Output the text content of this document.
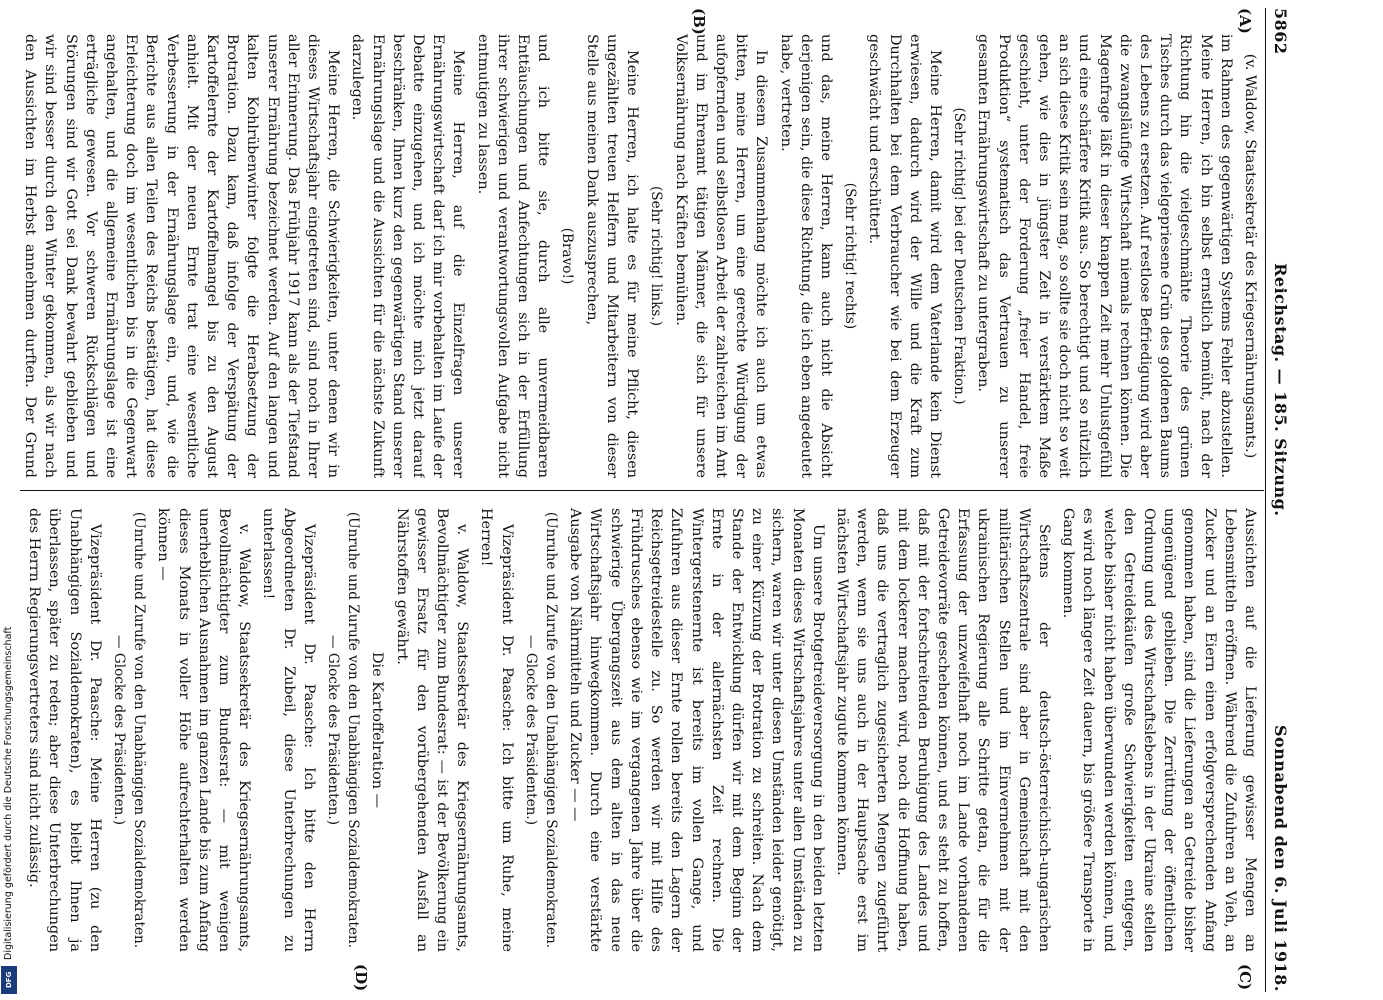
5862
Reichstag. — 185. Sitzung.
Sonnabend den 6. Juli 1918.
(A)
(B)
(C)
(D)

(v. Waldow, Staatssekretär des Kriegsernährungsamts.)

im Rahmen des gegenwärtigen Systems Fehler abzustellen. Meine Herren, ich bin selbst ernstlich bemüht, nach der Richtung hin die vielgeschmähte Theorie des grünen Tisches durch das vielgepriesene Grün des goldenen Baums des Lebens zu ersetzen. Auf restlose Befriedigung wird aber die zwangsläufige Wirtschaft niemals rechnen können. Die Magenfrage läßt in dieser knappen Zeit mehr Unlustgefühl und eine schärfere Kritik aus. So berechtigt und so nützlich an sich diese Kritik sein mag, so sollte sie doch nicht so weit gehen, wie dies in jüngster Zeit in verstärktem Maße geschieht, unter der Forderung „freier Handel, freie Produktion“ systematisch das Vertrauen zu unserer gesamten Ernährungswirtschaft zu untergraben.

(Sehr richtig! bei der Deutschen Fraktion.)

Meine Herren, damit wird dem Vaterlande kein Dienst erwiesen, dadurch wird der Wille und die Kraft zum Durchhalten bei dem Verbraucher wie bei dem Erzeuger geschwächt und erschüttert.

(Sehr richtig! rechts)

und das, meine Herren, kann auch nicht die Absicht derjenigen sein, die diese Richtung, die ich eben angedeutet habe, vertreten.

In diesem Zusammenhang möchte ich auch um etwas bitten, meine Herren, um eine gerechte Würdigung der aufopfernden und selbstlosen Arbeit der zahlreichen im Amt und im Ehrenamt tätigen Männer, die sich für unsere Volksernährung nach Kräften bemühen.

(Sehr richtig! links.)

Meine Herren, ich halte es für meine Pflicht, diesen ungezählten treuen Helfern und Mitarbeitern von dieser Stelle aus meinen Dank auszusprechen,

(Bravo!)

und ich bitte sie, durch alle unvermeidbaren Enttäuschungen und Anfechtungen sich in der Erfüllung ihrer schwierigen und verantwortungsvollen Aufgabe nicht entmutigen zu lassen.

Meine Herren, auf die Einzelfragen unserer Ernährungswirtschaft darf ich mir vorbehalten im Laufe der Debatte einzugehen, und ich möchte mich jetzt darauf beschränken, Ihnen kurz den gegenwärtigen Stand unserer Ernährungslage und die Aussichten für die nächste Zukunft darzulegen.

Meine Herren, die Schwierigkeiten, unter denen wir in dieses Wirtschaftsjahr eingetreten sind, sind noch in Ihrer aller Erinnerung. Das Frühjahr 1917 kann als der Tiefstand unserer Ernährung bezeichnet werden. Auf den langen und kalten Kohlrübenwinter folgte die Herabsetzung der Brotration. Dazu kam, daß infolge der Verspätung der Kartoffelernte der Kartoffelmangel bis zu den August anhielt. Mit der neuen Ernte trat eine wesentliche Verbesserung in der Ernährungslage ein, und, wie die Berichte aus allen Teilen des Reichs bestätigen, hat diese Erleichterung doch im wesentlichen bis in die Gegenwart angehalten, und die allgemeine Ernährungslage ist eine erträgliche gewesen. Vor schweren Rückschlägen und Störungen sind wir Gott sei Dank bewahrt geblieben und wir sind besser durch den Winter gekommen, als wir nach den Aussichten im Herbst annehmen durften. Der Grund

Aussichten auf die Lieferung gewisser Mengen an Lebensmitteln eröffnen. Während die Zufuhren an Vieh, an Zucker und an Eiern einen erfolgversprechenden Anfang genommen haben, sind die Lieferungen an Getreide bisher ungenügend geblieben. Die Zerrüttung der öffentlichen Ordnung und des Wirtschaftslebens in der Ukraine stellen den Getreidekäufen große Schwierigkeiten entgegen, welche bisher nicht haben überwunden werden können, und es wird noch längere Zeit dauern, bis größere Transporte in Gang kommen.

Seitens der deutsch-österreichisch-ungarischen Wirtschaftszentrale sind aber in Gemeinschaft mit den militärischen Stellen und im Einvernehmen mit der ukrainischen Regierung alle Schritte getan, die für die Erfassung der unzweifelhaft noch im Lande vorhandenen Getreidevorräte geschehen können, und es steht zu hoffen, daß mit der fortschreitenden Beruhigung des Landes und mit dem lockerer machen wird, noch die Hoffnung haben, daß uns die vertraglich zugesicherten Mengen zugeführt werden, wenn sie uns auch in der Hauptsache erst im nächsten Wirtschaftsjahr zugute kommen können.

Um unsere Brotgetreideversorgung in den beiden letzten Monaten dieses Wirtschaftsjahres unter allen Umständen zu sichern, waren wir unter diesen Umständen leider genötigt, zu einer Kürzung der Brotration zu schreiten. Nach dem Stande der Entwicklung dürfen wir mit dem Beginn der Ernte in der allernächsten Zeit rechnen. Die Wintergerstenernte ist bereits im vollen Gange, und Zufuhren aus dieser Ernte rollen bereits den Lagern der Reichsgetreidestelle zu. So werden wir mit Hilfe des Frühdrusches ebenso wie im vergangenen Jahre über die schwierige Übergangszeit aus dem alten in das neue Wirtschaftsjahr hinwegkommen. Durch eine verstärkte Ausgabe von Nährmitteln und Zucker — —

(Unruhe und Zurufe von den Unabhängigen Sozialdemokraten. — Glocke des Präsidenten.)

Vizepräsident Dr. Paasche: Ich bitte um Ruhe, meine Herren!

v. Waldow, Staatssekretär des Kriegsernährungsamts, Bevollmächtigter zum Bundesrat: — ist der Bevölkerung ein gewisser Ersatz für den vorübergehenden Ausfall an Nährstoffen gewährt.

Die Kartoffelration —

(Unruhe und Zurufe von den Unabhängigen Sozialdemokraten. — Glocke des Präsidenten.)

Vizepräsident Dr. Paasche: Ich bitte den Herrn Abgeordneten Dr. Zubeil, diese Unterbrechungen zu unterlassen!

v. Waldow, Staatssekretär des Kriegsernährungsamts, Bevollmächtigter zum Bundesrat: — mit wenigen unerheblichen Ausnahmen im ganzen Lande bis zum Anfang dieses Monats in voller Höhe aufrechterhalten werden können —

(Unruhe und Zurufe von den Unabhängigen Sozialdemokraten. — Glocke des Präsidenten.)

Vizepräsident Dr. Paasche: Meine Herren (zu den Unabhängigen Sozialdemokraten), es bleibt Ihnen ja überlassen, später zu reden; aber diese Unterbrechungen des Herrn Regierungsvertreters sind nicht zulässig.

Digitalisierung gefördert durch die Deutsche Forschungsgemeinschaft
DFG
